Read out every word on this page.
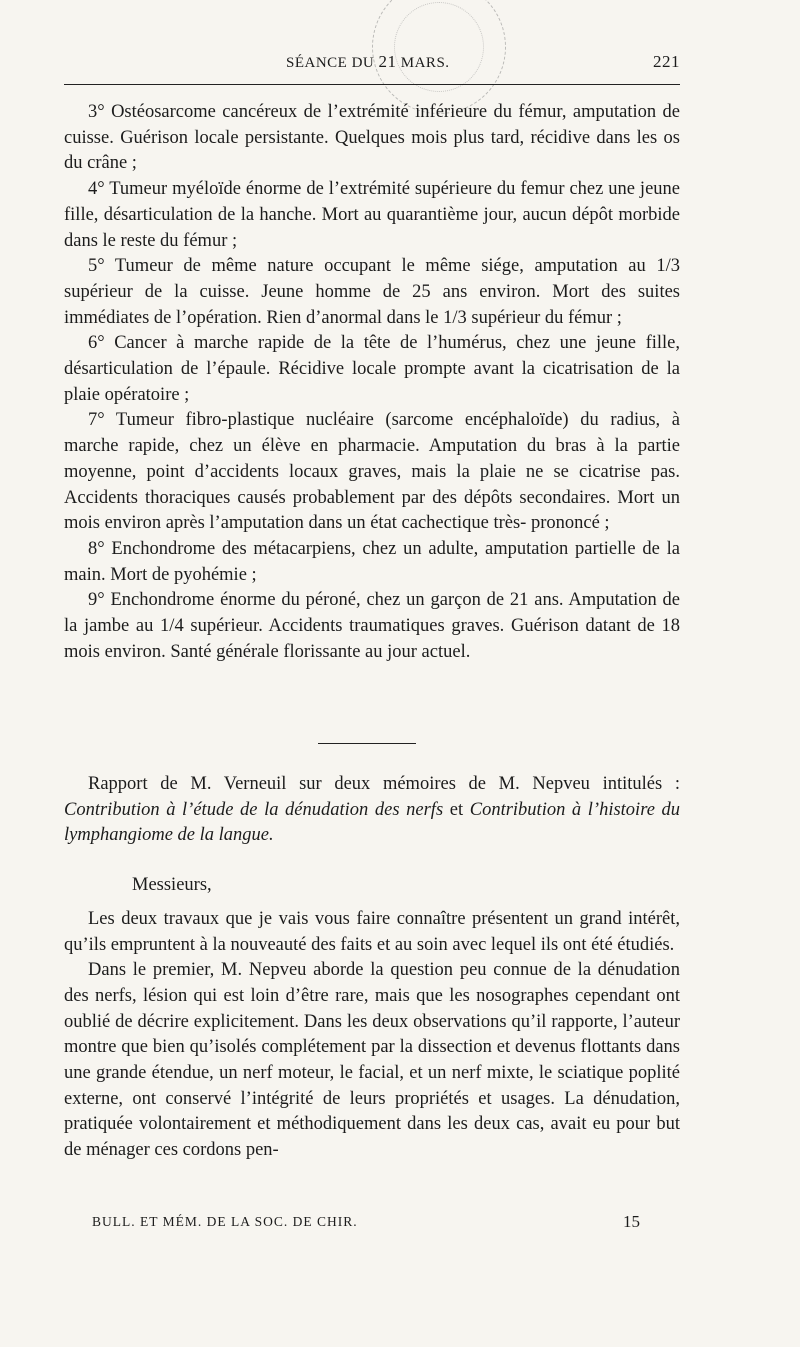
SÉANCE DU 21 MARS.	221

3° Ostéosarcome cancéreux de l’extrémité inférieure du fémur, amputation de cuisse. Guérison locale persistante. Quelques mois plus tard, récidive dans les os du crâne ;

4° Tumeur myéloïde énorme de l’extrémité supérieure du femur chez une jeune fille, désarticulation de la hanche. Mort au quarantième jour, aucun dépôt morbide dans le reste du fémur ;

5° Tumeur de même nature occupant le même siége, amputation au 1/3 supérieur de la cuisse. Jeune homme de 25 ans environ. Mort des suites immédiates de l’opération. Rien d’anormal dans le 1/3 supérieur du fémur ;

6° Cancer à marche rapide de la tête de l’humérus, chez une jeune fille, désarticulation de l’épaule. Récidive locale prompte avant la cicatrisation de la plaie opératoire ;

7° Tumeur fibro-plastique nucléaire (sarcome encéphaloïde) du radius, à marche rapide, chez un élève en pharmacie. Amputation du bras à la partie moyenne, point d’accidents locaux graves, mais la plaie ne se cicatrise pas. Accidents thoraciques causés probablement par des dépôts secondaires. Mort un mois environ après l’amputation dans un état cachectique très- prononcé ;

8° Enchondrome des métacarpiens, chez un adulte, amputation partielle de la main. Mort de pyohémie ;

9° Enchondrome énorme du péroné, chez un garçon de 21 ans. Amputation de la jambe au 1/4 supérieur. Accidents traumatiques graves. Guérison datant de 18 mois environ. Santé générale florissante au jour actuel.

Rapport de M. Verneuil sur deux mémoires de M. Nepveu intitulés : Contribution à l’étude de la dénudation des nerfs et Contribution à l’histoire du lymphangiome de la langue.

Messieurs,

Les deux travaux que je vais vous faire connaître présentent un grand intérêt, qu’ils empruntent à la nouveauté des faits et au soin avec lequel ils ont été étudiés.

Dans le premier, M. Nepveu aborde la question peu connue de la dénudation des nerfs, lésion qui est loin d’être rare, mais que les nosographes cependant ont oublié de décrire explicitement. Dans les deux observations qu’il rapporte, l’auteur montre que bien qu’isolés complétement par la dissection et devenus flottants dans une grande étendue, un nerf moteur, le facial, et un nerf mixte, le sciatique poplité externe, ont conservé l’intégrité de leurs propriétés et usages. La dénudation, pratiquée volontairement et méthodiquement dans les deux cas, avait eu pour but de ménager ces cordons pen-

BULL. ET MÉM. DE LA SOC. DE CHIR.	15
